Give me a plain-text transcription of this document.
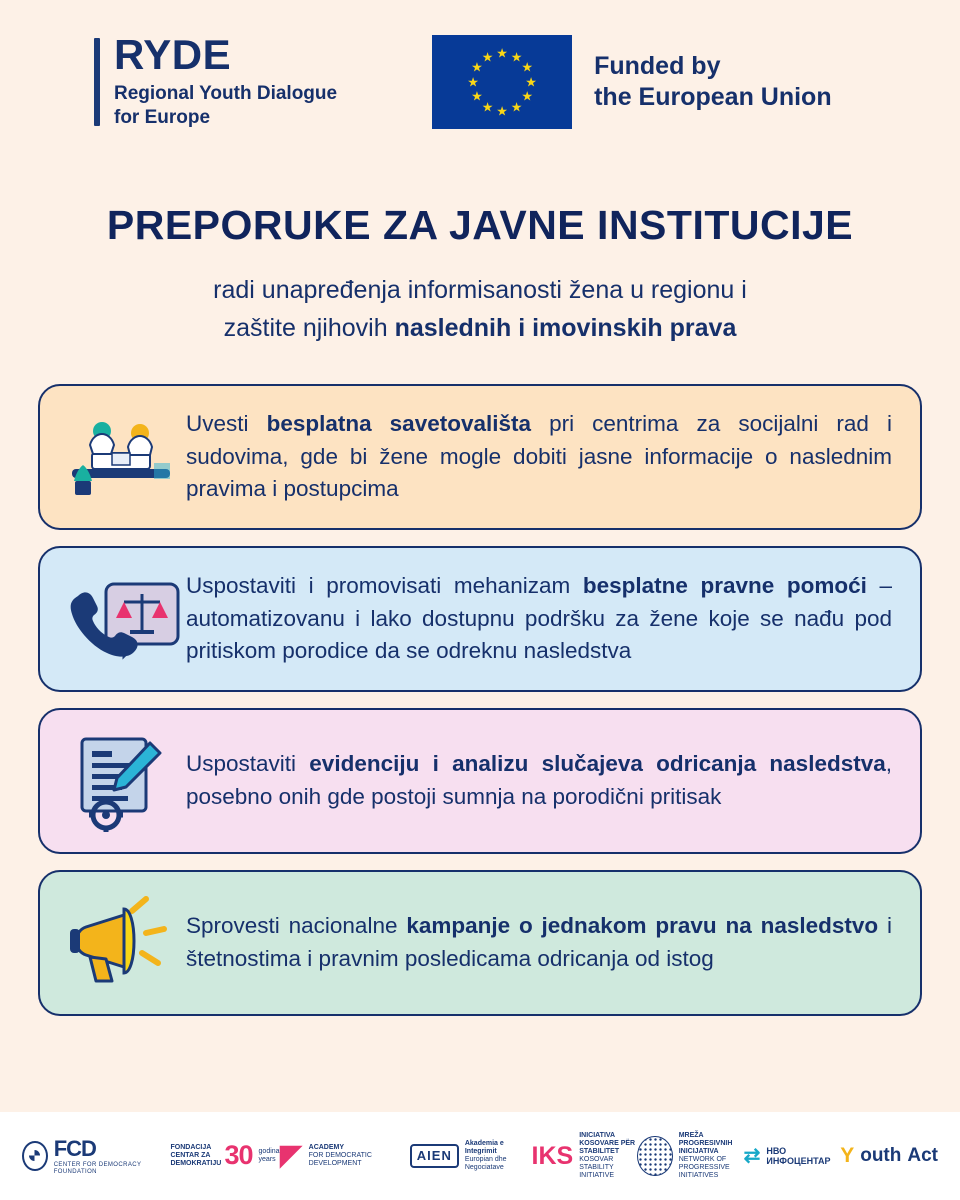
RYDE
Regional Youth Dialogue
for Europe
★ ★
★
★
★
★
★
★
★
★
★
★	Funded by
the European Union
PREPORUKE ZA JAVNE INSTITUCIJE
radi unapređenja informisanosti žena u regionu i
zaštite njihovih naslednih i imovinskih prava
Uvesti besplatna savetovališta pri centrima za socijalni rad i sudovima, gde bi žene mogle dobiti jasne informacije o naslednim pravima i postupcima
Uspostaviti i promovisati mehanizam besplatne pravne pomoći – automatizovanu i lako dostupnu podršku za žene koje se nađu pod pritiskom porodice da se odreknu nasledstva
Uspostaviti evidenciju i analizu slučajeva odricanja nasledstva, posebno onih gde postoji sumnja na porodični pritisak
Sprovesti nacionalne kampanje o jednakom pravu na nasledstvo i štetnostima i pravnim posledicama odricanja od istog
FCD
CENTER FOR DEMOCRACY FOUNDATION
FONDACIJA CENTAR ZA DEMOKRATIJU 30 godina
years ◤ ACADEMY
FOR DEMOCRATIC DEVELOPMENT
AIEN
Akademia e Integrimit
Europian dhe Negociatave	IKS
INICIATIVA KOSOVARE PËR STABILITET
KOSOVAR STABILITY INITIATIVE
MREŽA PROGRESIVNIH INICIJATIVA
NETWORK OF PROGRESSIVE INITIATIVES
⇄ НВО ИНФОЦЕНТАР Y outh Act
